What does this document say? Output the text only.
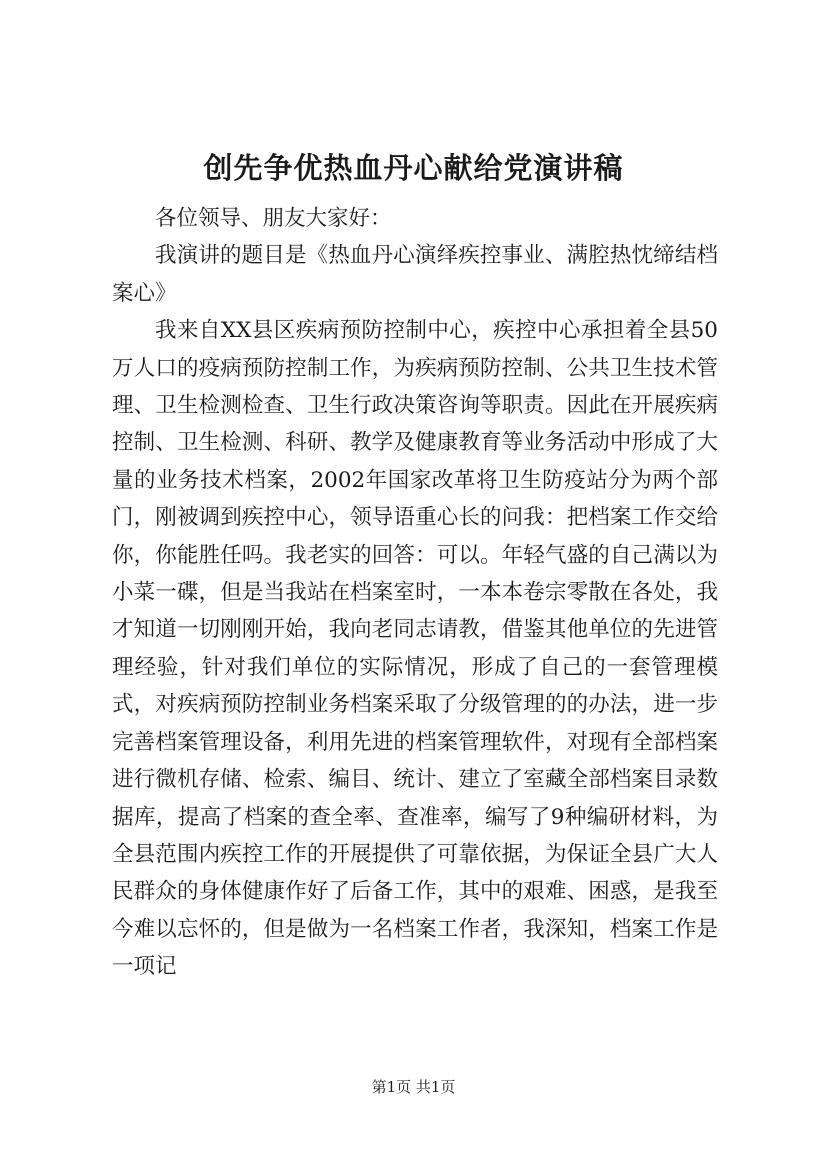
创先争优热血丹心献给党演讲稿

各位领导、朋友大家好：

我演讲的题目是《热血丹心演绎疾控事业、满腔热忱缔结档案心》

我来自XX县区疾病预防控制中心，疾控中心承担着全县50万人口的疫病预防控制工作，为疾病预防控制、公共卫生技术管理、卫生检测检查、卫生行政决策咨询等职责。因此在开展疾病控制、卫生检测、科研、教学及健康教育等业务活动中形成了大量的业务技术档案，2002年国家改革将卫生防疫站分为两个部门，刚被调到疾控中心，领导语重心长的问我：把档案工作交给你，你能胜任吗。我老实的回答：可以。年轻气盛的自己满以为小菜一碟，但是当我站在档案室时，一本本卷宗零散在各处，我才知道一切刚刚开始，我向老同志请教，借鉴其他单位的先进管理经验，针对我们单位的实际情况，形成了自己的一套管理模式，对疾病预防控制业务档案采取了分级管理的的办法，进一步完善档案管理设备，利用先进的档案管理软件，对现有全部档案进行微机存储、检索、编目、统计、建立了室藏全部档案目录数据库，提高了档案的查全率、查准率，编写了9种编研材料，为全县范围内疾控工作的开展提供了可靠依据，为保证全县广大人民群众的身体健康作好了后备工作，其中的艰难、困惑，是我至今难以忘怀的，但是做为一名档案工作者，我深知，档案工作是一项记

第1页 共1页
